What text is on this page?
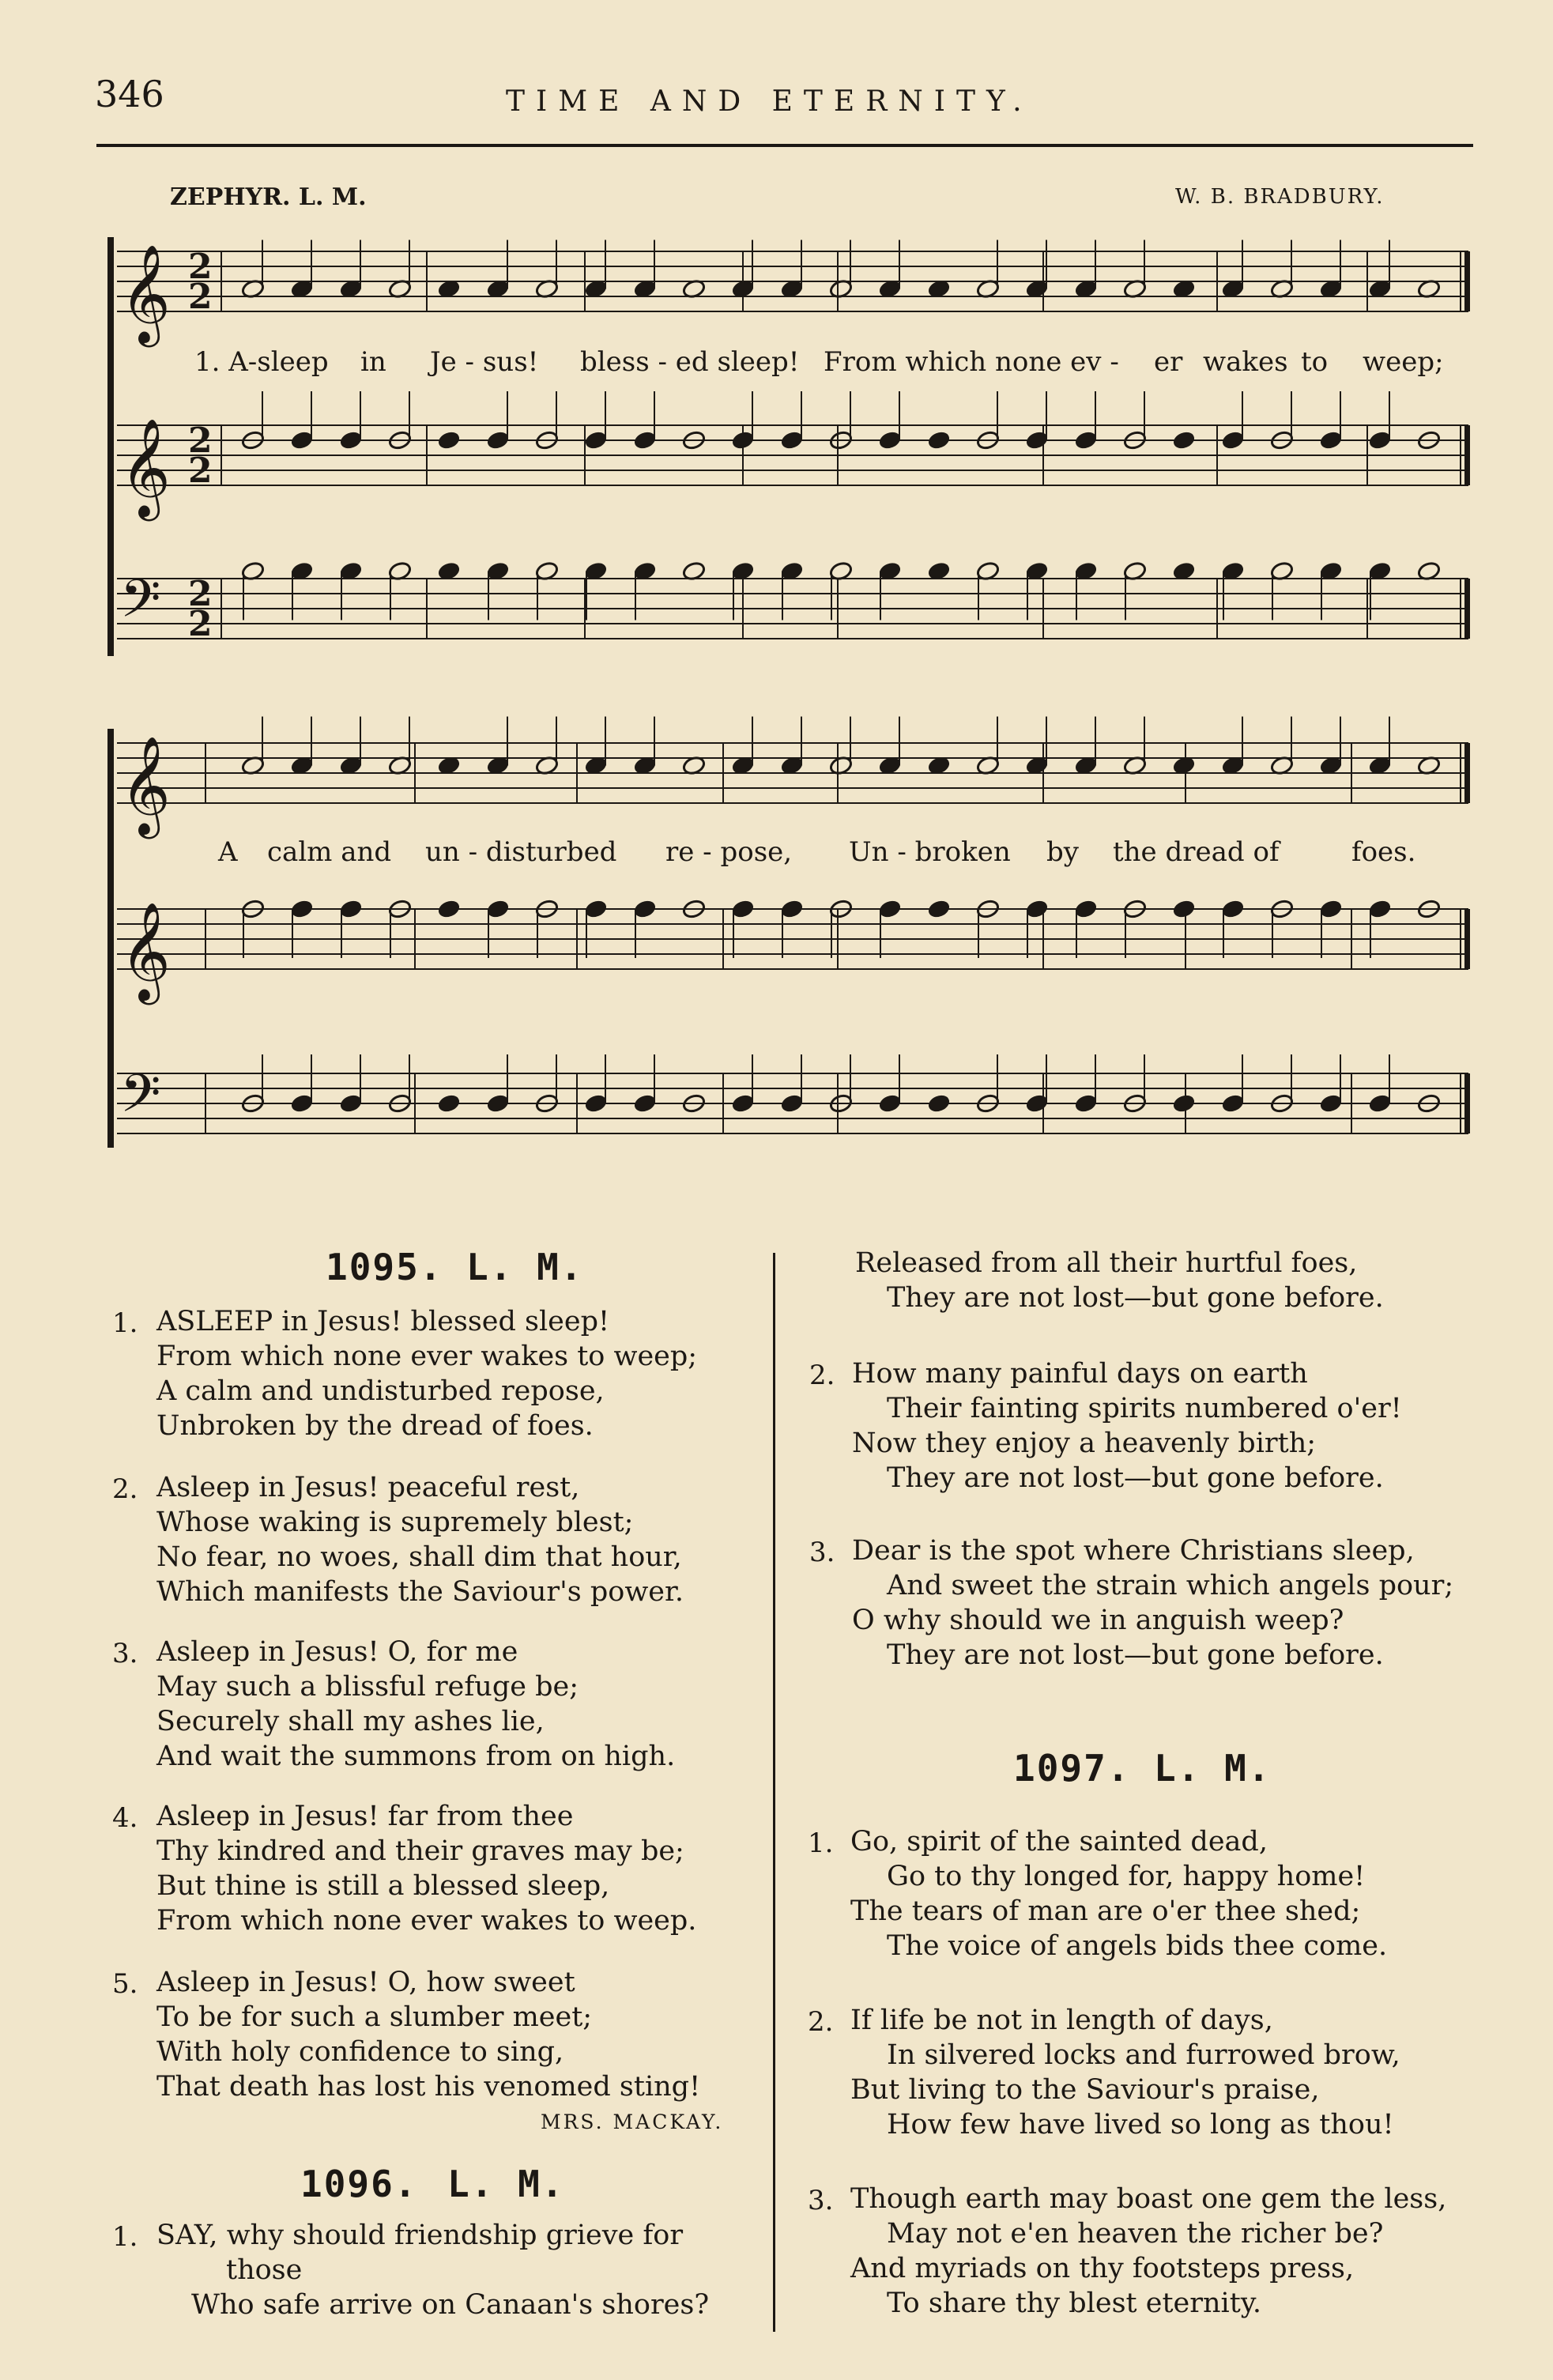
346	TIME AND ETERNITY.
ZEPHYR. L. M.	W. B. BRADBURY.
𝄞 2
2
𝄞 2
2
𝄢 2
2
𝄞
𝄞
𝄢
1. A-sleep in Je - sus! bless - ed sleep! From which none ev - er wakes to weep;
A calm and un - disturbed re - pose, Un - broken by the dread of	foes.
1095. L. M.
1. ASLEEP in Jesus! blessed sleep!
From which none ever wakes to weep;
A calm and undisturbed repose,
Unbroken by the dread of foes.
2. Asleep in Jesus! peaceful rest,
Whose waking is supremely blest;
No fear, no woes, shall dim that hour,
Which manifests the Saviour's power.
3. Asleep in Jesus! O, for me
May such a blissful refuge be;
Securely shall my ashes lie,
And wait the summons from on high.
4. Asleep in Jesus! far from thee
Thy kindred and their graves may be;
But thine is still a blessed sleep,
From which none ever wakes to weep.
5. Asleep in Jesus! O, how sweet
To be for such a slumber meet;
With holy confidence to sing,
That death has lost his venomed sting!
MRS. MACKAY.
1096. L. M.
1. SAY, why should friendship grieve for
those
Who safe arrive on Canaan's shores?
Released from all their hurtful foes,
They are not lost—but gone before.
2. How many painful days on earth
Their fainting spirits numbered o'er!
Now they enjoy a heavenly birth;
They are not lost—but gone before.
3. Dear is the spot where Christians sleep,
And sweet the strain which angels pour;
O why should we in anguish weep?
They are not lost—but gone before.
1097. L. M.
1. Go, spirit of the sainted dead,
Go to thy longed for, happy home!
The tears of man are o'er thee shed;
The voice of angels bids thee come.
2. If life be not in length of days,
In silvered locks and furrowed brow,
But living to the Saviour's praise,
How few have lived so long as thou!
3. Though earth may boast one gem the less,
May not e'en heaven the richer be?
And myriads on thy footsteps press,
To share thy blest eternity.
